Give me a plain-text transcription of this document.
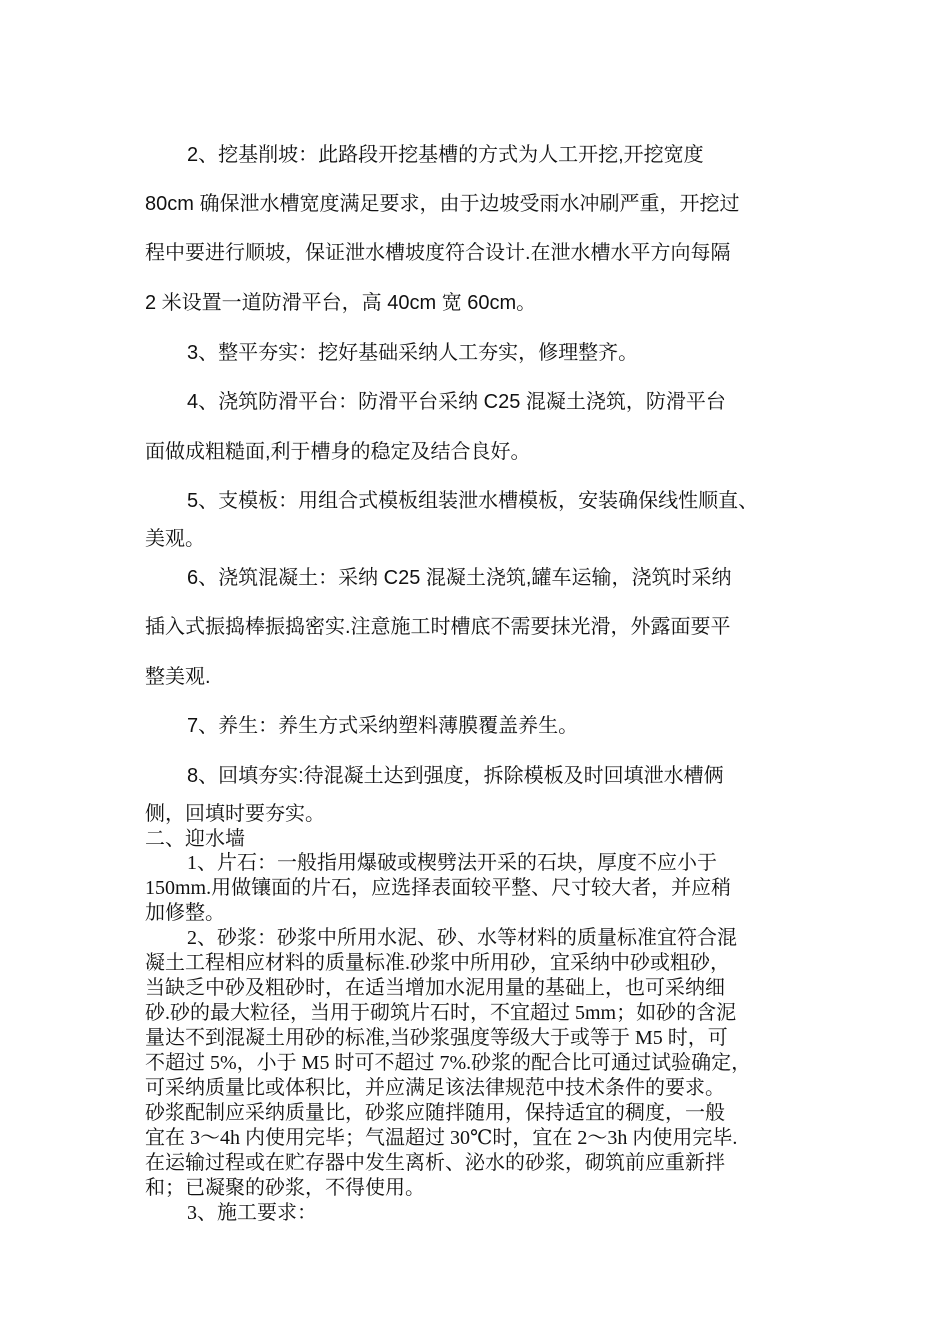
2、挖基削坡：此路段开挖基槽的方式为人工开挖,开挖宽度
80cm 确保泄水槽宽度满足要求，由于边坡受雨水冲刷严重，开挖过
程中要进行顺坡，保证泄水槽坡度符合设计.在泄水槽水平方向每隔
2 米设置一道防滑平台，高 40cm 宽 60cm。
3、整平夯实：挖好基础采纳人工夯实，修理整齐。
4、浇筑防滑平台：防滑平台采纳 C25 混凝土浇筑，防滑平台
面做成粗糙面,利于槽身的稳定及结合良好。
5、支模板：用组合式模板组装泄水槽模板，安装确保线性顺直、
美观。
6、浇筑混凝土：采纳 C25 混凝土浇筑,罐车运输，浇筑时采纳
插入式振捣棒振捣密实.注意施工时槽底不需要抹光滑，外露面要平
整美观.
7、养生：养生方式采纳塑料薄膜覆盖养生。
8、回填夯实:待混凝土达到强度，拆除模板及时回填泄水槽俩
侧，回填时要夯实。
二、迎水墙
1、片石：一般指用爆破或楔劈法开采的石块，厚度不应小于
150mm.用做镶面的片石，应选择表面较平整、尺寸较大者，并应稍
加修整。
2、砂浆：砂浆中所用水泥、砂、水等材料的质量标准宜符合混
凝土工程相应材料的质量标准.砂浆中所用砂，宜采纳中砂或粗砂，
当缺乏中砂及粗砂时，在适当增加水泥用量的基础上，也可采纳细
砂.砂的最大粒径，当用于砌筑片石时，不宜超过 5mm；如砂的含泥
量达不到混凝土用砂的标准,当砂浆强度等级大于或等于 M5 时，可
不超过 5%，小于 M5 时可不超过 7%.砂浆的配合比可通过试验确定，
可采纳质量比或体积比，并应满足该法律规范中技术条件的要求。
砂浆配制应采纳质量比，砂浆应随拌随用，保持适宜的稠度，一般
宜在 3～4h 内使用完毕；气温超过 30℃时，宜在 2～3h 内使用完毕.
在运输过程或在贮存器中发生离析、泌水的砂浆，砌筑前应重新拌
和；已凝聚的砂浆，不得使用。
3、施工要求：
